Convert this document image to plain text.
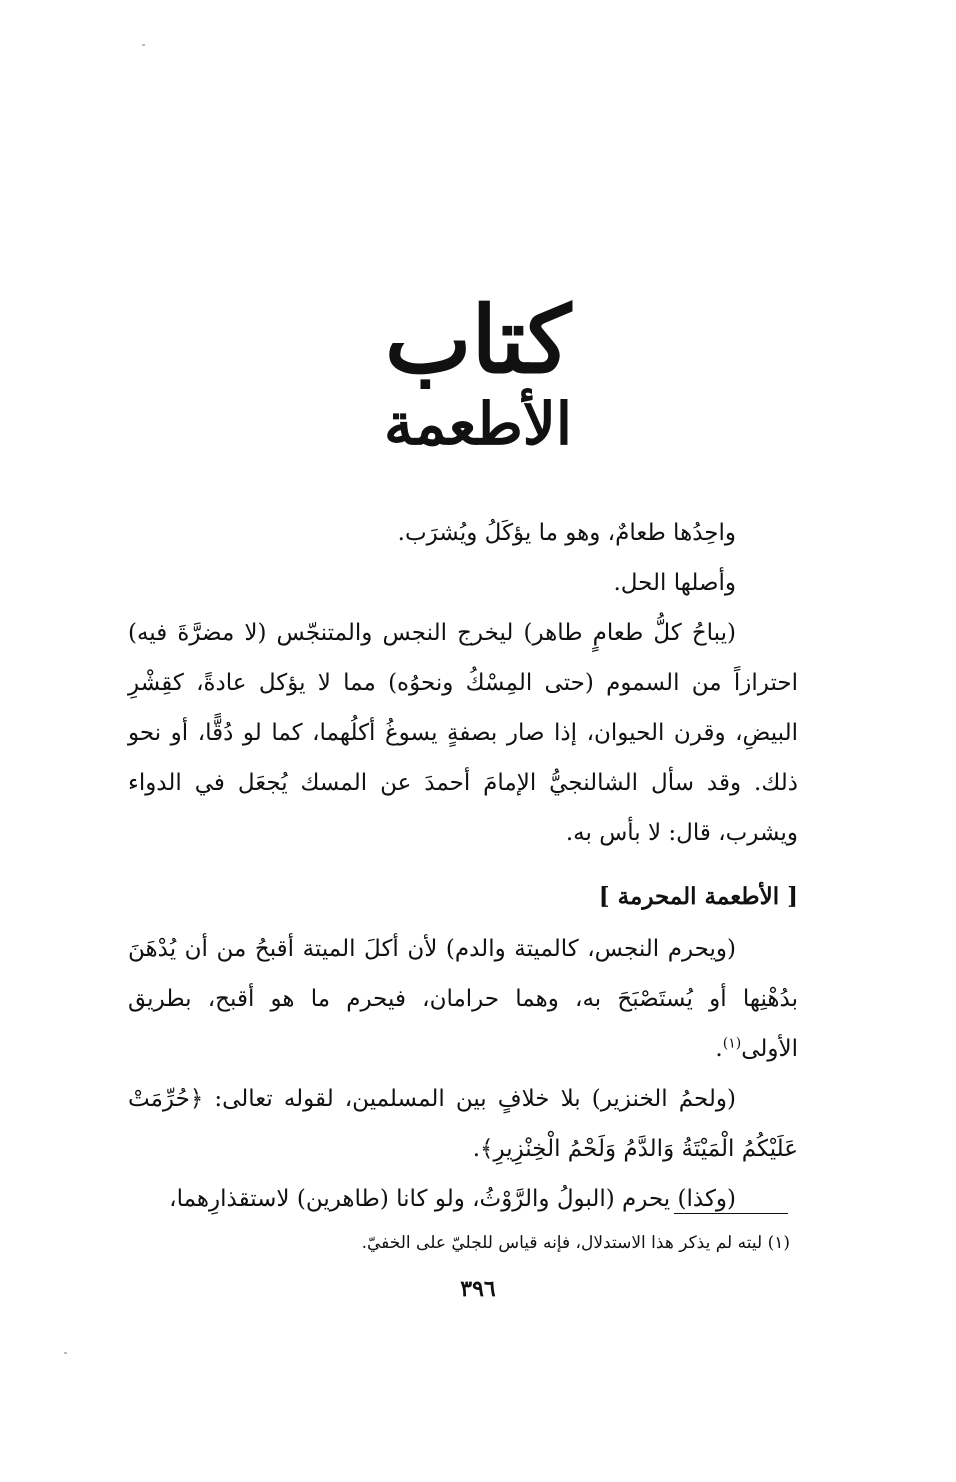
كتاب
الأطعمة

واحِدُها طعامٌ، وهو ما يؤكَلُ ويُشرَب.

وأصلها الحل.

(يباحُ كلُّ طعامٍ طاهر) ليخرج النجس والمتنجّس (لا مضرَّةَ فيه) احترازاً من السموم (حتى المِسْكُ ونحوُه) مما لا يؤكل عادةً، كقِشْرِ البيضِ، وقرن الحيوان، إذا صار بصفةٍ يسوغُ أكلُهما، كما لو دُقًّا، أو نحو ذلك. وقد سأل الشالنجيُّ الإمامَ أحمدَ عن المسك يُجعَل في الدواء ويشرب، قال: لا بأس به.

[ الأطعمة المحرمة ]

(ويحرم النجس، كالميتة والدم) لأن أكلَ الميتة أقبحُ من أن يُدْهَنَ بدُهْنِها أو يُستَصْبَحَ به، وهما حرامان، فيحرم ما هو أقبح، بطريق الأولى$^{(١)}$.

(ولحمُ الخنزير) بلا خلافٍ بين المسلمين، لقوله تعالى: ﴿حُرِّمَتْ عَلَيْكُمُ الْمَيْتَةُ وَالدَّمُ وَلَحْمُ الْخِنْزِيرِ﴾.

(وكذا) يحرم (البولُ والرَّوْثُ، ولو كانا (طاهرين) لاستقذارِهما،

(١) ليته لم يذكر هذا الاستدلال، فإنه قياس للجليّ على الخفيّ.
٣٩٦
